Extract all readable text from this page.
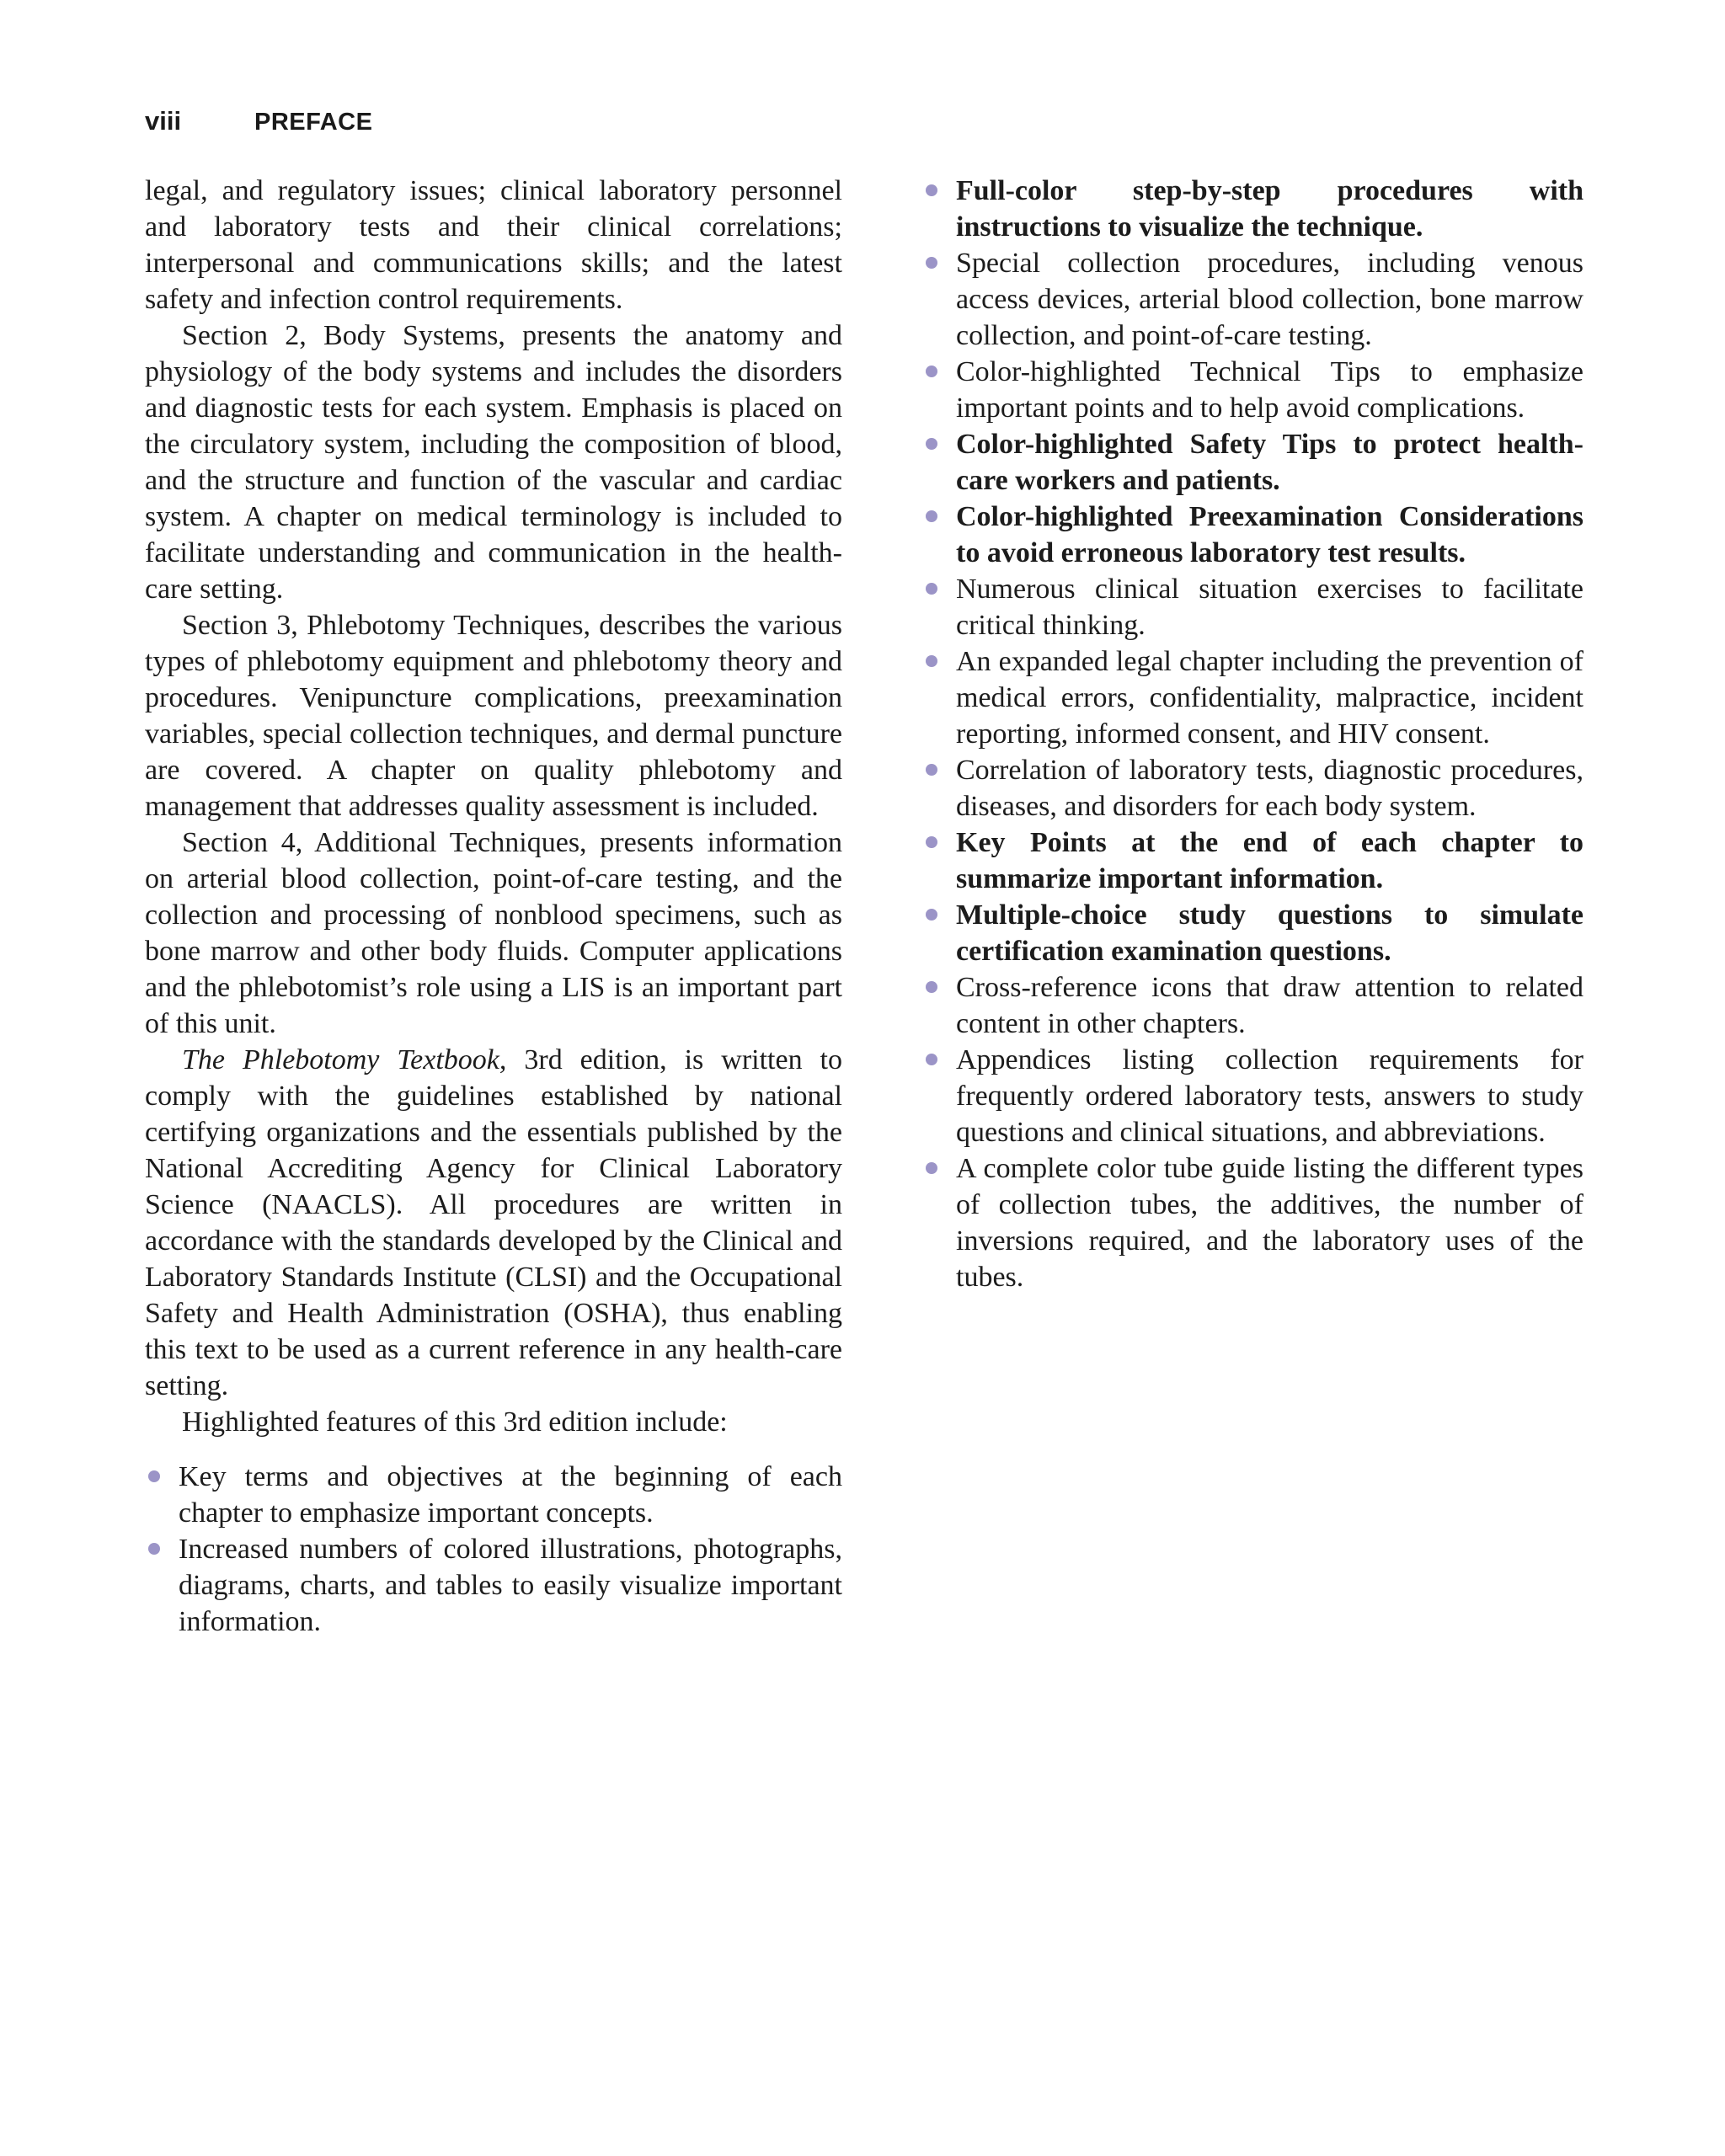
viii	PREFACE

legal, and regulatory issues; clinical laboratory personnel and laboratory tests and their clinical correlations; interpersonal and communications skills; and the latest safety and infection control requirements.

Section 2, Body Systems, presents the anatomy and physiology of the body systems and includes the disorders and diagnostic tests for each system. Emphasis is placed on the circulatory system, including the composition of blood, and the structure and function of the vascular and cardiac system. A chapter on medical terminology is included to facilitate understanding and communication in the health-care setting.

Section 3, Phlebotomy Techniques, describes the various types of phlebotomy equipment and phlebotomy theory and procedures. Venipuncture complications, preexamination variables, special collection techniques, and dermal puncture are covered. A chapter on quality phlebotomy and management that addresses quality assessment is included.

Section 4, Additional Techniques, presents information on arterial blood collection, point-of-care testing, and the collection and processing of nonblood specimens, such as bone marrow and other body fluids. Computer applications and the phlebotomist’s role using a LIS is an important part of this unit.

The Phlebotomy Textbook, 3rd edition, is written to comply with the guidelines established by national certifying organizations and the essentials published by the National Accrediting Agency for Clinical Laboratory Science (NAACLS). All procedures are written in accordance with the standards developed by the Clinical and Laboratory Standards Institute (CLSI) and the Occupational Safety and Health Administration (OSHA), thus enabling this text to be used as a current reference in any health-care setting.

Highlighted features of this 3rd edition include:

Key terms and objectives at the beginning of each chapter to emphasize important concepts.
Increased numbers of colored illustrations, photographs, diagrams, charts, and tables to easily visualize important information.
Full-color step-by-step procedures with instructions to visualize the technique.
Special collection procedures, including venous access devices, arterial blood collection, bone marrow collection, and point-of-care testing.
Color-highlighted Technical Tips to emphasize important points and to help avoid complications.
Color-highlighted Safety Tips to protect health-care workers and patients.
Color-highlighted Preexamination Considerations to avoid erroneous laboratory test results.
Numerous clinical situation exercises to facilitate critical thinking.
An expanded legal chapter including the prevention of medical errors, confidentiality, malpractice, incident reporting, informed consent, and HIV consent.
Correlation of laboratory tests, diagnostic procedures, diseases, and disorders for each body system.
Key Points at the end of each chapter to summarize important information.
Multiple-choice study questions to simulate certification examination questions.
Cross-reference icons that draw attention to related content in other chapters.
Appendices listing collection requirements for frequently ordered laboratory tests, answers to study questions and clinical situations, and abbreviations.
A complete color tube guide listing the different types of collection tubes, the additives, the number of inversions required, and the laboratory uses of the tubes.
